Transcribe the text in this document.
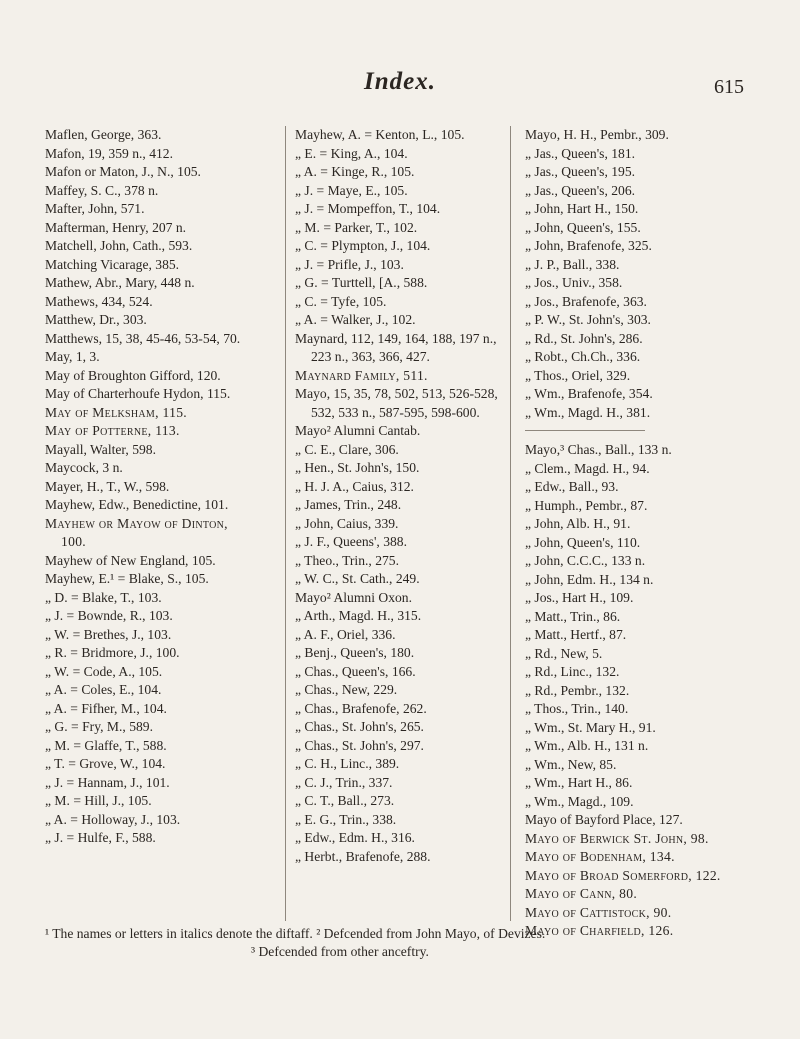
Index.	615
Maflen, George, 363.
Mafon, 19, 359 n., 412.
Mafon or Maton, J., N., 105.
Maffey, S. C., 378 n.
Mafter, John, 571.
Mafterman, Henry, 207 n.
Matchell, John, Cath., 593.
Matching Vicarage, 385.
Mathew, Abr., Mary, 448 n.
Mathews, 434, 524.
Matthew, Dr., 303.
Matthews, 15, 38, 45-46, 53-54, 70.
May, 1, 3.
May of Broughton Gifford, 120.
May of Charterhoufe Hydon, 115.
May of Melksham, 115.
May of Potterne, 113.
Mayall, Walter, 598.
Maycock, 3 n.
Mayer, H., T., W., 598.
Mayhew, Edw., Benedictine, 101.
Mayhew or Mayow of Dinton, 100.
Mayhew of New England, 105.
Mayhew, E.¹ = Blake, S., 105.
„ D. = Blake, T., 103.
„ J. = Bownde, R., 103.
„ W. = Brethes, J., 103.
„ R. = Bridmore, J., 100.
„ W. = Code, A., 105.
„ A. = Coles, E., 104.
„ A. = Fifher, M., 104.
„ G. = Fry, M., 589.
„ M. = Glaffe, T., 588.
„ T. = Grove, W., 104.
„ J. = Hannam, J., 101.
„ M. = Hill, J., 105.
„ A. = Holloway, J., 103.
„ J. = Hulfe, F., 588.
Mayhew, A. = Kenton, L., 105.
„ E. = King, A., 104.
„ A. = Kinge, R., 105.
„ J. = Maye, E., 105.
„ J. = Mompeffon, T., 104.
„ M. = Parker, T., 102.
„ C. = Plympton, J., 104.
„ J. = Prifle, J., 103.
„ G. = Turttell, [A., 588.
„ C. = Tyfe, 105.
„ A. = Walker, J., 102.
Maynard, 112, 149, 164, 188, 197 n., 223 n., 363, 366, 427.
Maynard Family, 511.
Mayo, 15, 35, 78, 502, 513, 526-528, 532, 533 n., 587-595, 598-600.
Mayo² Alumni Cantab.
„ C. E., Clare, 306.
„ Hen., St. John's, 150.
„ H. J. A., Caius, 312.
„ James, Trin., 248.
„ John, Caius, 339.
„ J. F., Queens', 388.
„ Theo., Trin., 275.
„ W. C., St. Cath., 249.
Mayo² Alumni Oxon.
„ Arth., Magd. H., 315.
„ A. F., Oriel, 336.
„ Benj., Queen's, 180.
„ Chas., Queen's, 166.
„ Chas., New, 229.
„ Chas., Brafenofe, 262.
„ Chas., St. John's, 265.
„ Chas., St. John's, 297.
„ C. H., Linc., 389.
„ C. J., Trin., 337.
„ C. T., Ball., 273.
„ E. G., Trin., 338.
„ Edw., Edm. H., 316.
„ Herbt., Brafenofe, 288.
Mayo, H. H., Pembr., 309.
„ Jas., Queen's, 181.
„ Jas., Queen's, 195.
„ Jas., Queen's, 206.
„ John, Hart H., 150.
„ John, Queen's, 155.
„ John, Brafenofe, 325.
„ J. P., Ball., 338.
„ Jos., Univ., 358.
„ Jos., Brafenofe, 363.
„ P. W., St. John's, 303.
„ Rd., St. John's, 286.
„ Robt., Ch.Ch., 336.
„ Thos., Oriel, 329.
„ Wm., Brafenofe, 354.
„ Wm., Magd. H., 381.
Mayo,³ Chas., Ball., 133 n.
„ Clem., Magd. H., 94.
„ Edw., Ball., 93.
„ Humph., Pembr., 87.
„ John, Alb. H., 91.
„ John, Queen's, 110.
„ John, C.C.C., 133 n.
„ John, Edm. H., 134 n.
„ Jos., Hart H., 109.
„ Matt., Trin., 86.
„ Matt., Hertf., 87.
„ Rd., New, 5.
„ Rd., Linc., 132.
„ Rd., Pembr., 132.
„ Thos., Trin., 140.
„ Wm., St. Mary H., 91.
„ Wm., Alb. H., 131 n.
„ Wm., New, 85.
„ Wm., Hart H., 86.
„ Wm., Magd., 109.
Mayo of Bayford Place, 127.
Mayo of Berwick St. John, 98.
Mayo of Bodenham, 134.
Mayo of Broad Somerford, 122.
Mayo of Cann, 80.
Mayo of Cattistock, 90.
Mayo of Charfield, 126.
¹ The names or letters in italics denote the diftaff. ² Defcended from John Mayo, of Devizes.
³ Defcended from other anceftry.
